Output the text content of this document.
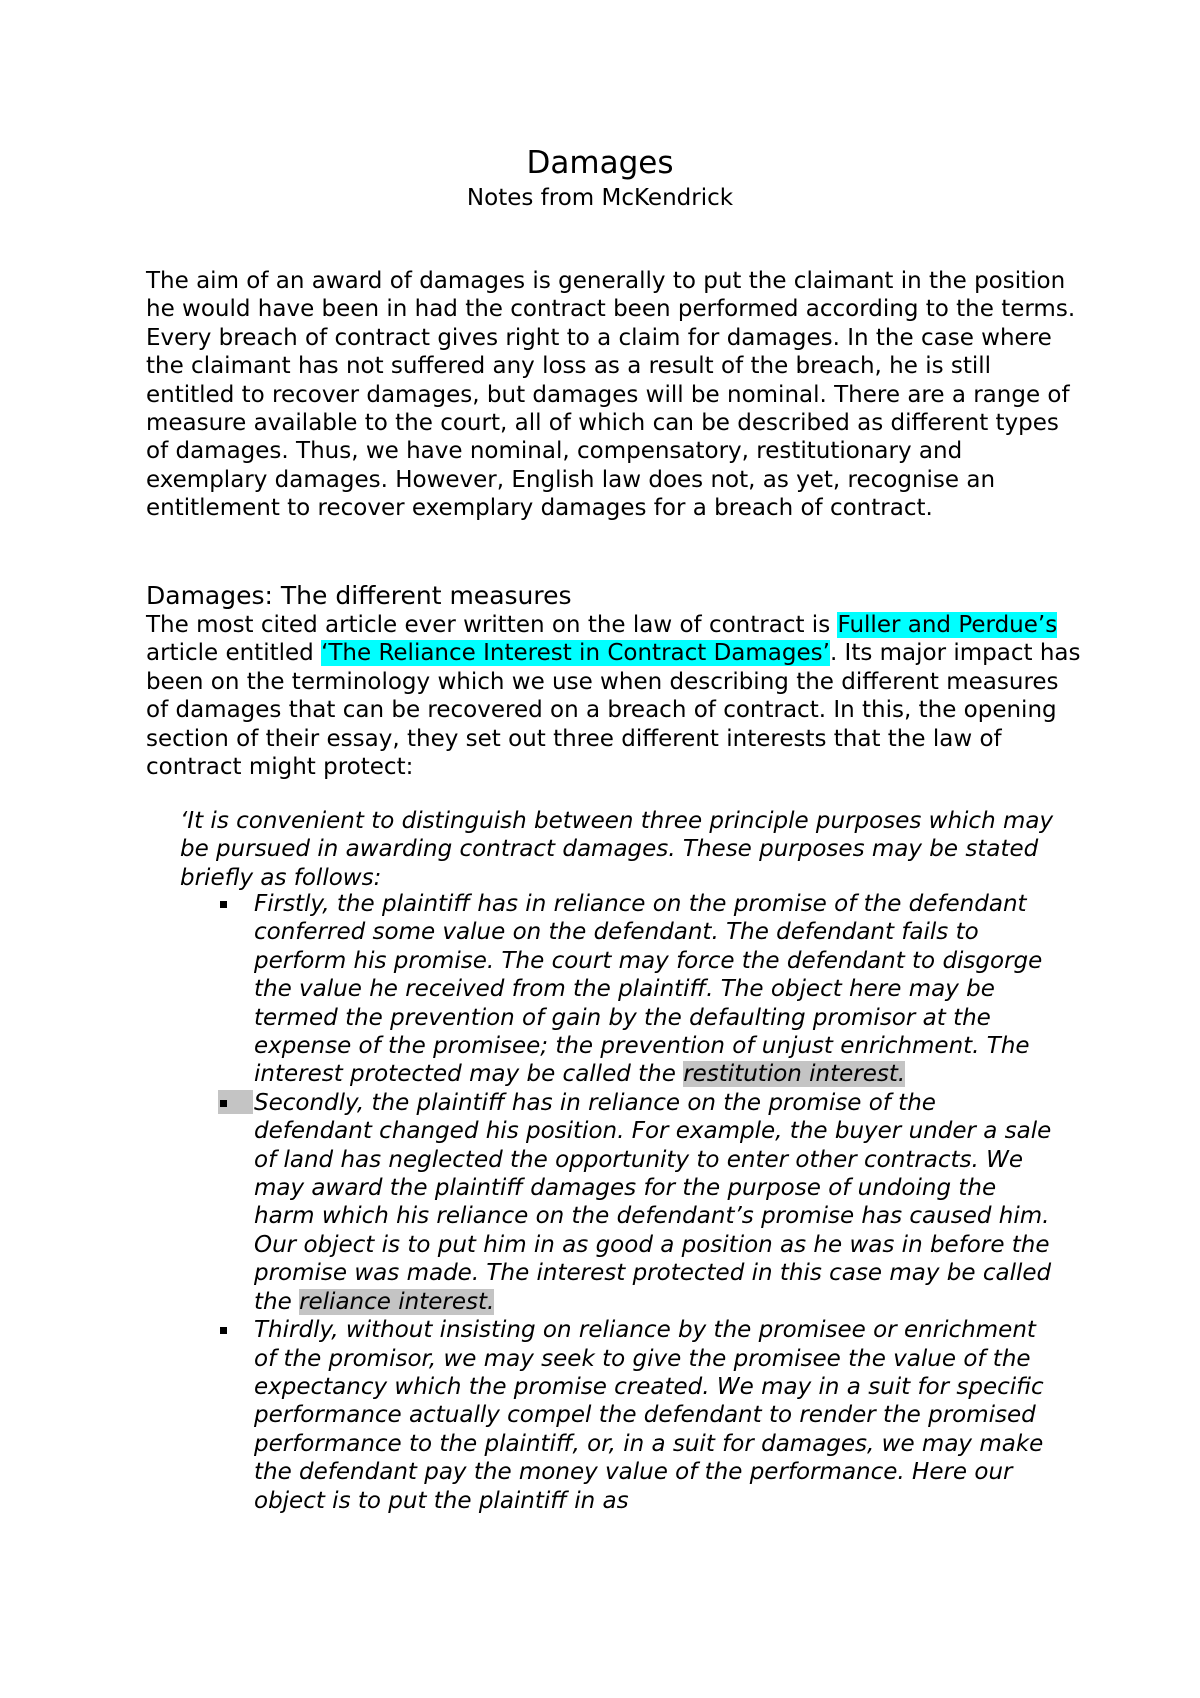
Damages
Notes from McKendrick

The aim of an award of damages is generally to put the claimant in the position he would have been in had the contract been performed according to the terms. Every breach of contract gives right to a claim for damages. In the case where the claimant has not suffered any loss as a result of the breach, he is still entitled to recover damages, but damages will be nominal. There are a range of measure available to the court, all of which can be described as different types of damages. Thus, we have nominal, compensatory, restitutionary and exemplary damages. However, English law does not, as yet, recognise an entitlement to recover exemplary damages for a breach of contract.

Damages: The different measures

The most cited article ever written on the law of contract is Fuller and Perdue’s article entitled ‘The Reliance Interest in Contract Damages’. Its major impact has been on the terminology which we use when describing the different measures of damages that can be recovered on a breach of contract. In this, the opening section of their essay, they set out three different interests that the law of contract might protect:

‘It is convenient to distinguish between three principle purposes which may be pursued in awarding contract damages. These purposes may be stated briefly as follows:

Firstly, the plaintiff has in reliance on the promise of the defendant conferred some value on the defendant. The defendant fails to perform his promise. The court may force the defendant to disgorge the value he received from the plaintiff. The object here may be termed the prevention of gain by the defaulting promisor at the expense of the promisee; the prevention of unjust enrichment. The interest protected may be called the restitution interest.
Secondly, the plaintiff has in reliance on the promise of the defendant changed his position. For example, the buyer under a sale of land has neglected the opportunity to enter other contracts. We may award the plaintiff damages for the purpose of undoing the harm which his reliance on the defendant’s promise has caused him. Our object is to put him in as good a position as he was in before the promise was made. The interest protected in this case may be called the reliance interest.
Thirdly, without insisting on reliance by the promisee or enrichment of the promisor, we may seek to give the promisee the value of the expectancy which the promise created. We may in a suit for specific performance actually compel the defendant to render the promised performance to the plaintiff, or, in a suit for damages, we may make the defendant pay the money value of the performance. Here our object is to put the plaintiff in as
